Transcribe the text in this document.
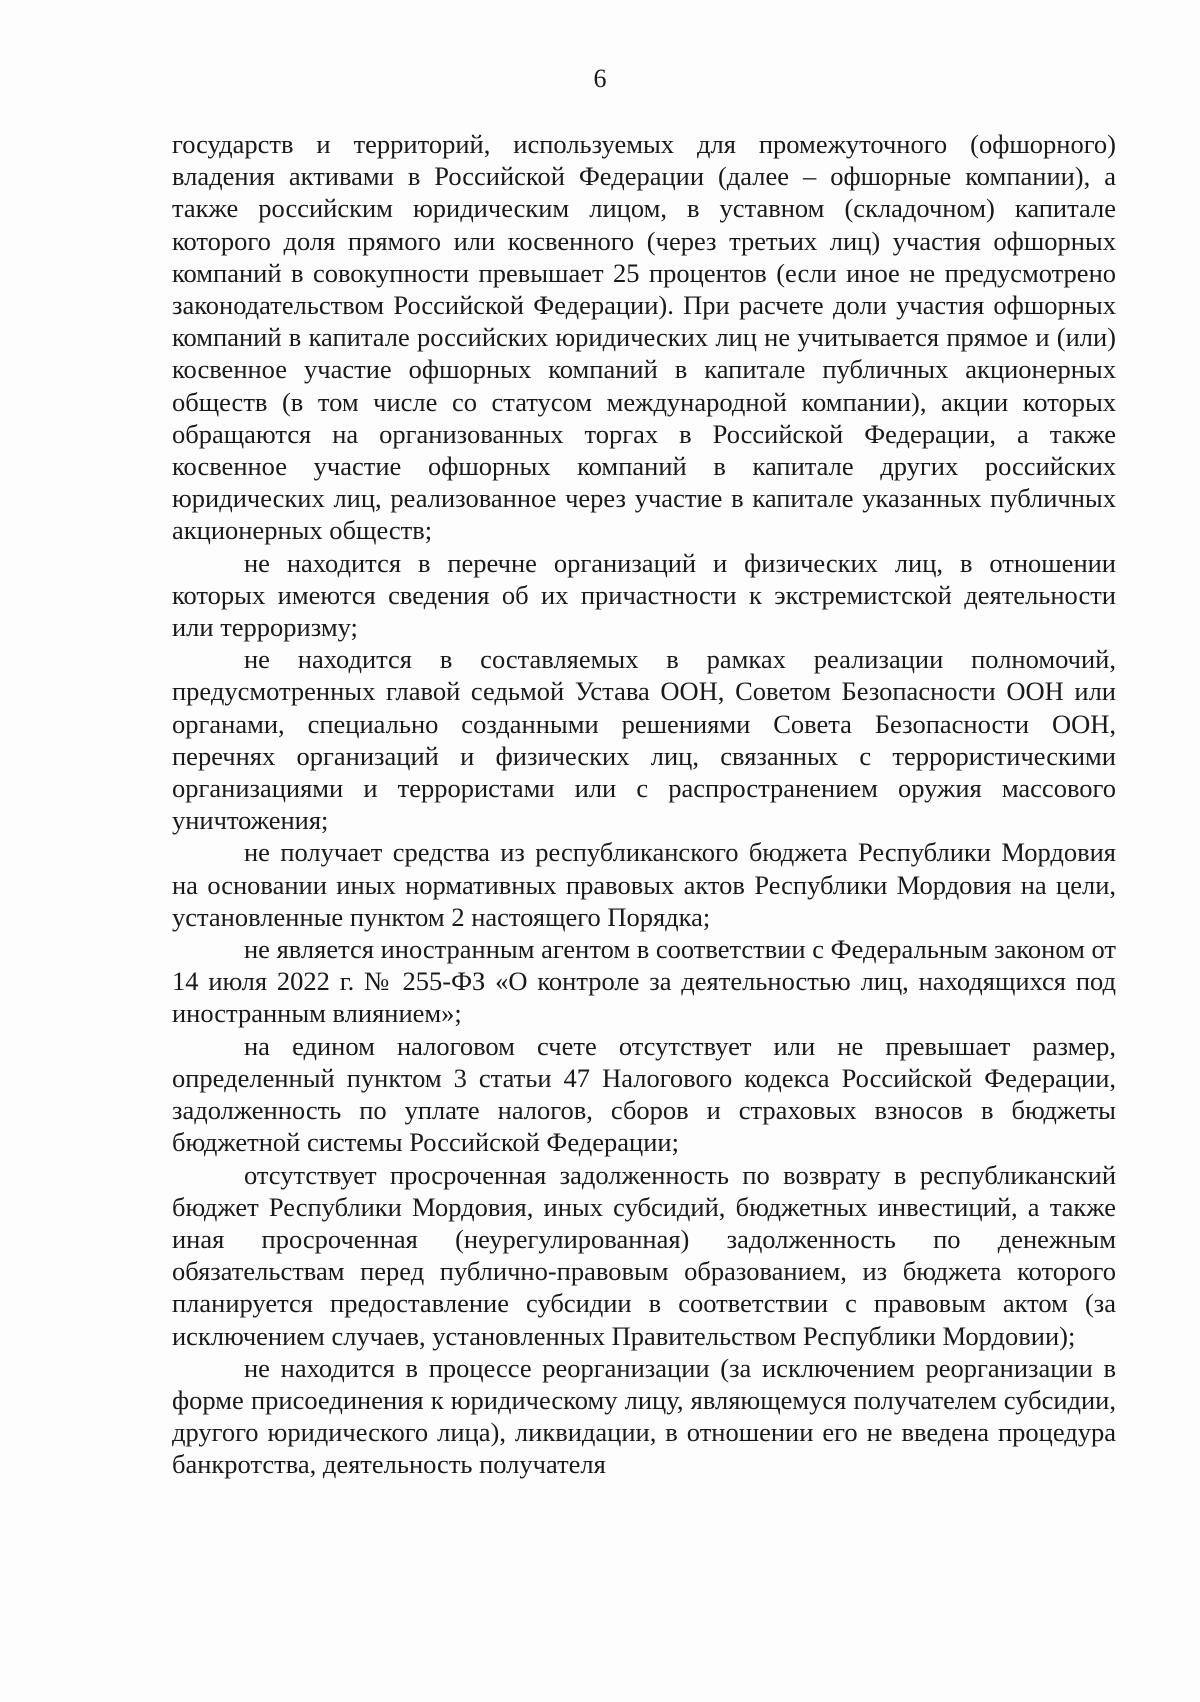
6

государств и территорий, используемых для промежуточного (офшорного) владения активами в Российской Федерации (далее – офшорные компании), а также российским юридическим лицом, в уставном (складочном) капитале которого доля прямого или косвенного (через третьих лиц) участия офшорных компаний в совокупности превышает 25 процентов (если иное не предусмотрено законодательством Российской Федерации). При расчете доли участия офшорных компаний в капитале российских юридических лиц не учитывается прямое и (или) косвенное участие офшорных компаний в капитале публичных акционерных обществ (в том числе со статусом международной компании), акции которых обращаются на организованных торгах в Российской Федерации, а также косвенное участие офшорных компаний в капитале других российских юридических лиц, реализованное через участие в капитале указанных публичных акционерных обществ;

не находится в перечне организаций и физических лиц, в отношении которых имеются сведения об их причастности к экстремистской деятельности или терроризму;

не находится в составляемых в рамках реализации полномочий, предусмотренных главой седьмой Устава ООН, Советом Безопасности ООН или органами, специально созданными решениями Совета Безопасности ООН, перечнях организаций и физических лиц, связанных с террористическими организациями и террористами или с распространением оружия массового уничтожения;

не получает средства из республиканского бюджета Республики Мордовия на основании иных нормативных правовых актов Республики Мордовия на цели, установленные пунктом 2 настоящего Порядка;

не является иностранным агентом в соответствии с Федеральным законом от 14 июля 2022 г. № 255-ФЗ «О контроле за деятельностью лиц, находящихся под иностранным влиянием»;

на едином налоговом счете отсутствует или не превышает размер, определенный пунктом 3 статьи 47 Налогового кодекса Российской Федерации, задолженность по уплате налогов, сборов и страховых взносов в бюджеты бюджетной системы Российской Федерации;

отсутствует просроченная задолженность по возврату в республиканский бюджет Республики Мордовия, иных субсидий, бюджетных инвестиций, а также иная просроченная (неурегулированная) задолженность по денежным обязательствам перед публично-правовым образованием, из бюджета которого планируется предоставление субсидии в соответствии с правовым актом (за исключением случаев, установленных Правительством Республики Мордовии);

не находится в процессе реорганизации (за исключением реорганизации в форме присоединения к юридическому лицу, являющемуся получателем субсидии, другого юридического лица), ликвидации, в отношении его не введена процедура банкротства, деятельность получателя
